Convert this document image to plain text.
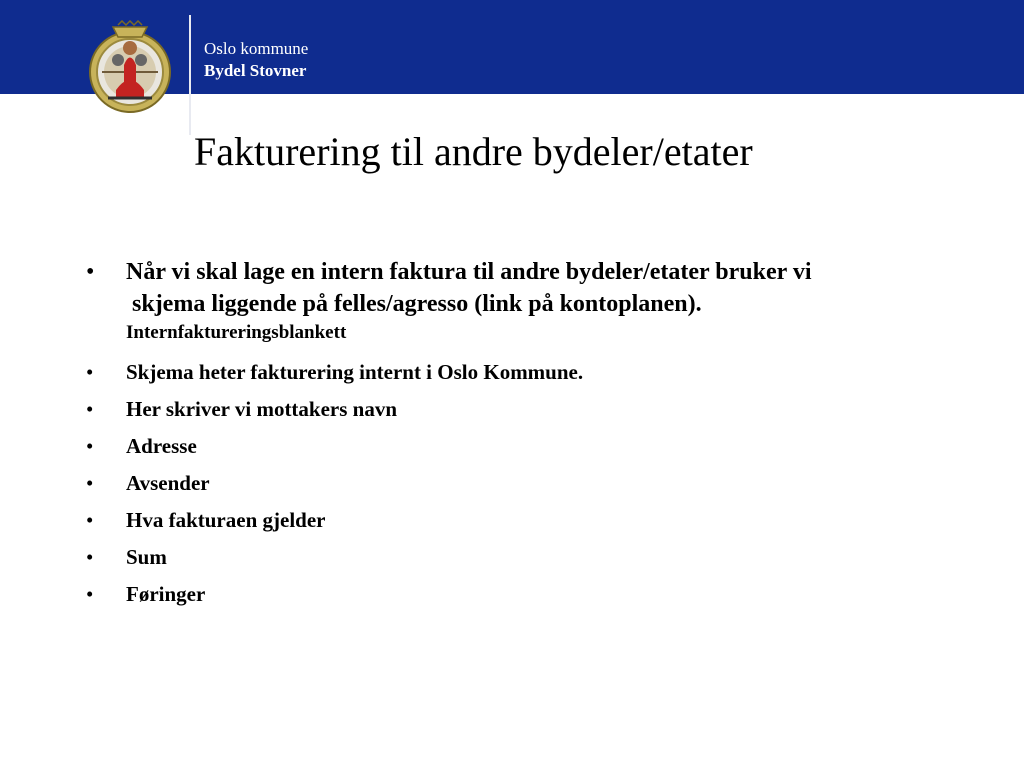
Oslo kommune
Bydel Stovner
Fakturering til andre bydeler/etater
• Når vi skal lage en intern faktura til andre bydeler/etater bruker vi
skjema liggende på felles/agresso (link på kontoplanen).
Internfaktureringsblankett
• Skjema heter fakturering internt i Oslo Kommune.
• Her skriver vi mottakers navn
• Adresse
• Avsender
• Hva fakturaen gjelder
• Sum
• Føringer
